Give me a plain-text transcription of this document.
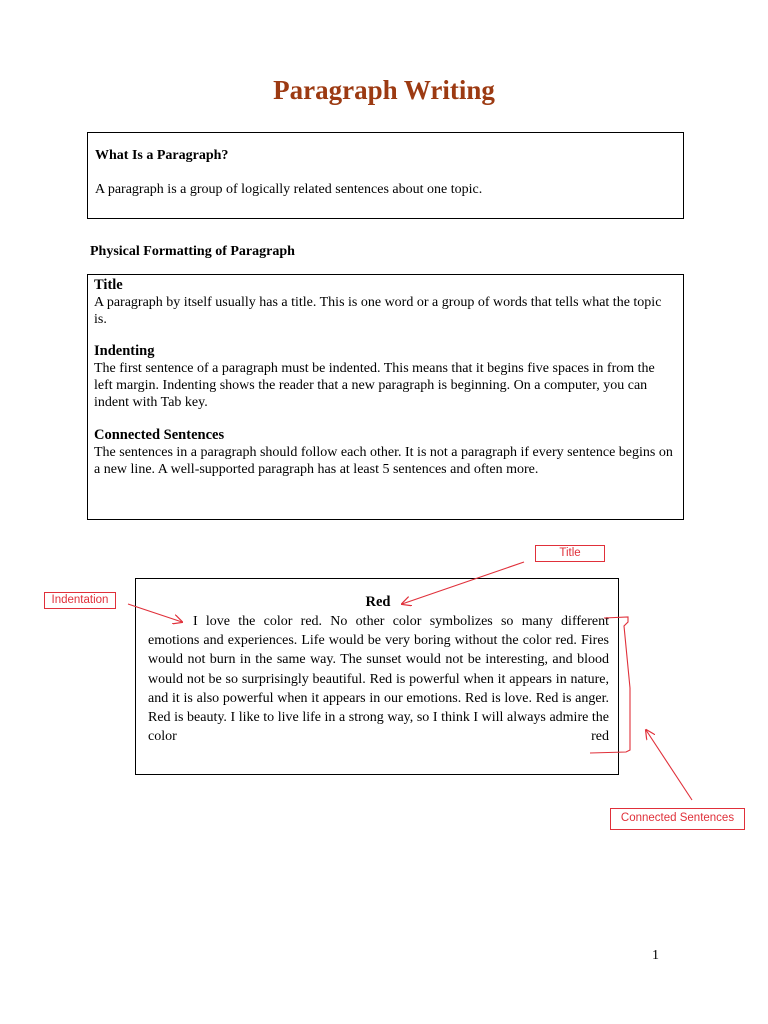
Paragraph Writing
What Is a Paragraph?
A paragraph is a group of logically related sentences about one topic.
Physical Formatting of Paragraph
Title
A paragraph by itself usually has a title. This is one word or a group of words that tells what the topic is.
Indenting
The first sentence of a paragraph must be indented. This means that it begins five spaces in from the left margin. Indenting shows the reader that a new paragraph is beginning. On a computer, you can indent with Tab key.
Connected Sentences
The sentences in a paragraph should follow each other. It is not a paragraph if every sentence begins on a new line. A well-supported paragraph has at least 5 sentences and often more.
Red
I love the color red. No other color symbolizes so many different emotions and experiences. Life would be very boring without the color red. Fires would not burn in the same way. The sunset would not be interesting, and blood would not be so surprisingly beautiful. Red is powerful when it appears in nature, and it is also powerful when it appears in our emotions. Red is love. Red is anger. Red is beauty. I like to live life in a strong way, so I think I will always admire the color red
Title
Indentation
Connected Sentences
1
